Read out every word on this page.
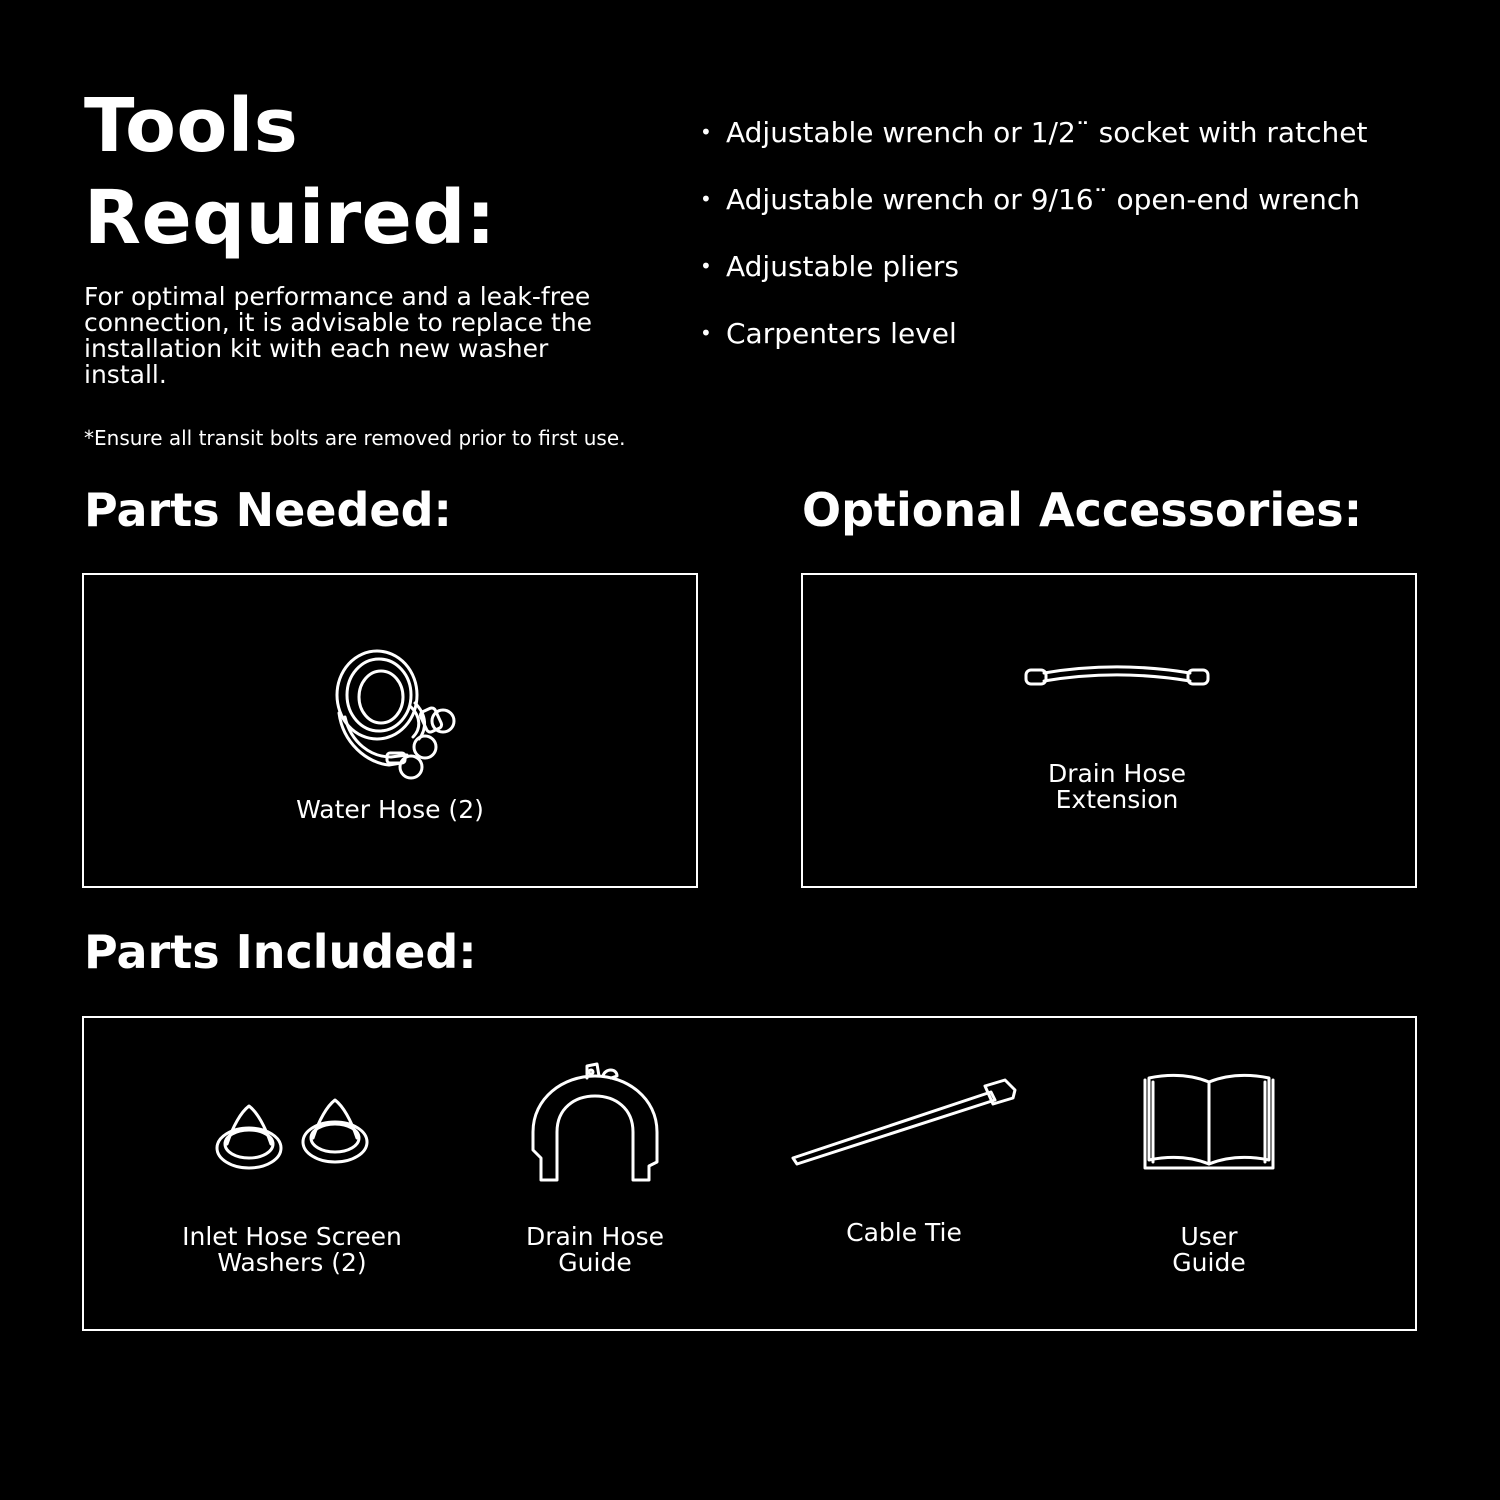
Tools
Required:

For optimal performance and a leak-free connection, it is advisable to replace the installation kit with each new washer install.

*Ensure all transit bolts are removed prior to first use.

• Adjustable wrench or 1/2¨ socket with ratchet
• Adjustable wrench or 9/16¨ open-end wrench
• Adjustable pliers
• Carpenters level
Parts Needed:
Water Hose (2)
Optional Accessories:
Drain Hose
Extension
Parts Included:
Inlet Hose Screen
Washers (2)
Drain Hose
Guide
Cable Tie	User
Guide
